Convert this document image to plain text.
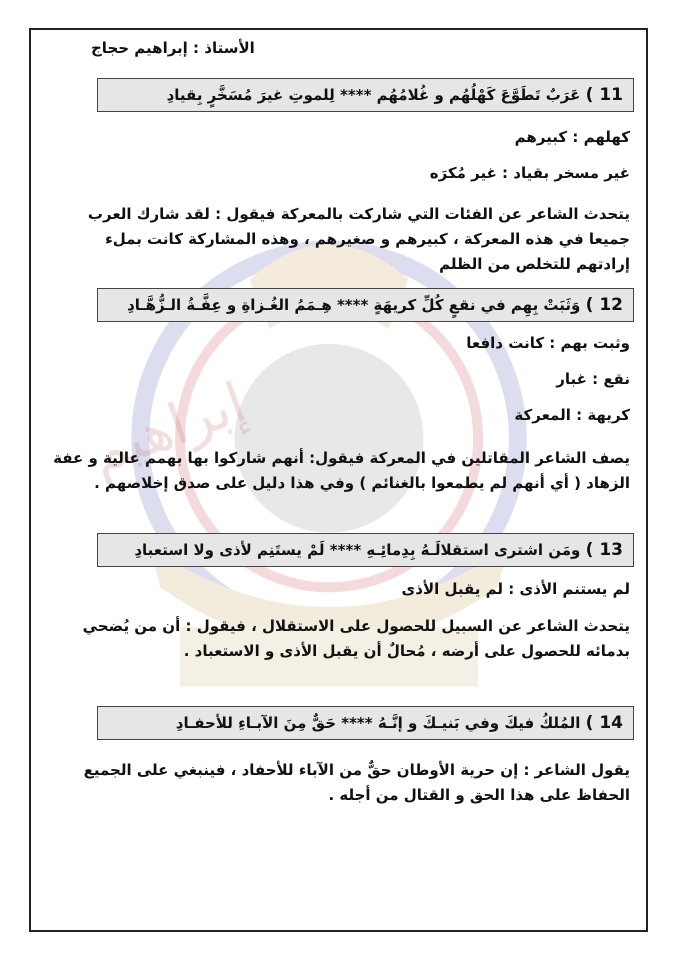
إبراهيم
الأستاذ : إبراهيم حجاج
11 ) عَرَبٌ تَطَوَّعَ كَهْلُهُم و غُلامُهُم **** لِلموتِ غيرَ مُسَخَّرٍ بِقيادِ
كهلهم : كبيرهم
غير مسخر بقياد : غير مُكرَه
يتحدث الشاعر عن الفئات التي شاركت بالمعركة فيقول : لقد شارك العرب جميعا في هذه المعركة ، كبيرهم و صغيرهم ، وهذه المشاركة كانت بملء إرادتهم للتخلص من الظلم
12 ) وَثَبَتْ بِهِم في نقعٍ كُلِّ كريهَةٍ **** هِـمَمُ الغُـزاةِ و عِفَّـةُ الـزُّهَّـادِ
وثبت بهم : كانت دافعا
نقع : غبار
كريهة : المعركة
يصف الشاعر المقاتلين في المعركة فيقول: أنهم شاركوا بها بهمم عالية و عفة الزهاد ( أي أنهم لم يطمعوا بالغنائم ) وفي هذا دليل على صدق إخلاصهم .
13 ) ومَن اشترى استقلالَـهُ بِدِمائِـهِ **** لَمْ يستَنِم لأذى ولا استعبادِ
لم يستنم الأذى : لم يقبل الأذى
يتحدث الشاعر عن السبيل للحصول على الاستقلال ، فيقول : أن من يُضحي بدمائه للحصول على أرضه ، مُحالٌ أن يقبل الأذى و الاستعباد .
14 ) المُلكُ فيكَ وفي بَنيـكَ و إنَّـهُ **** حَقٌّ مِنَ الآبـاءِ للأحفـادِ
يقول الشاعر : إن حرية الأوطان حقٌّ من الآباء للأحفاد ، فينبغي على الجميع الحفاظ على هذا الحق و القتال من أجله .
